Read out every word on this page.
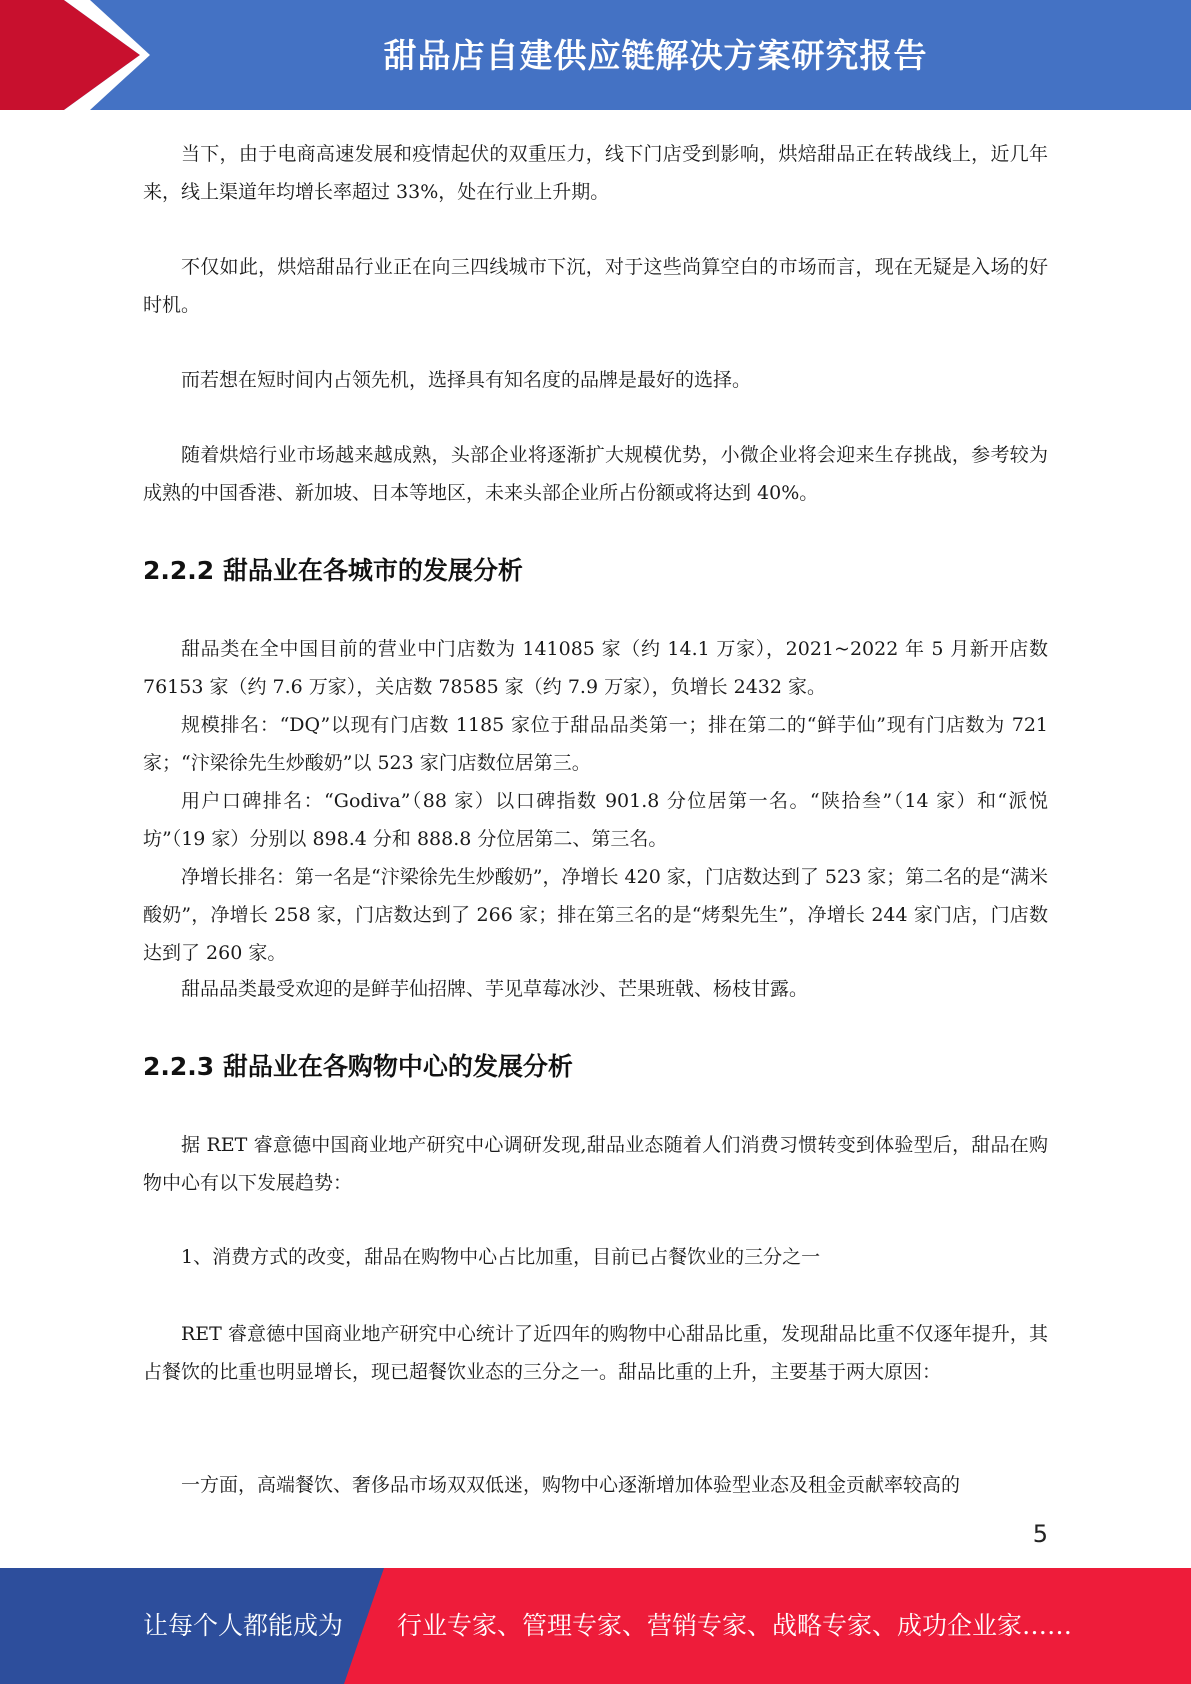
甜品店自建供应链解决方案研究报告

当下，由于电商高速发展和疫情起伏的双重压力，线下门店受到影响，烘焙甜品正在转战线上，近几年来，线上渠道年均增长率超过 33%，处在行业上升期。

不仅如此，烘焙甜品行业正在向三四线城市下沉，对于这些尚算空白的市场而言，现在无疑是入场的好时机。

而若想在短时间内占领先机，选择具有知名度的品牌是最好的选择。

随着烘焙行业市场越来越成熟，头部企业将逐渐扩大规模优势，小微企业将会迎来生存挑战，参考较为成熟的中国香港、新加坡、日本等地区，未来头部企业所占份额或将达到 40%。

2.2.2 甜品业在各城市的发展分析

甜品类在全中国目前的营业中门店数为 141085 家（约 14.1 万家），2021~2022 年 5 月新开店数 76153 家（约 7.6 万家），关店数 78585 家（约 7.9 万家），负增长 2432 家。

规模排名：“DQ”以现有门店数 1185 家位于甜品品类第一；排在第二的“鲜芋仙”现有门店数为 721 家；“汴梁徐先生炒酸奶”以 523 家门店数位居第三。

用户口碑排名：“Godiva”（88 家）以口碑指数 901.8 分位居第一名。“陕拾叁”（14 家）和“派悦坊”（19 家）分别以 898.4 分和 888.8 分位居第二、第三名。

净增长排名：第一名是“汴梁徐先生炒酸奶”，净增长 420 家，门店数达到了 523 家；第二名的是“满米酸奶”，净增长 258 家，门店数达到了 266 家；排在第三名的是“烤梨先生”，净增长 244 家门店，门店数达到了 260 家。

甜品品类最受欢迎的是鲜芋仙招牌、芋见草莓冰沙、芒果班戟、杨枝甘露。

2.2.3 甜品业在各购物中心的发展分析

据 RET 睿意德中国商业地产研究中心调研发现,甜品业态随着人们消费习惯转变到体验型后，甜品在购物中心有以下发展趋势：

1、消费方式的改变，甜品在购物中心占比加重，目前已占餐饮业的三分之一

RET 睿意德中国商业地产研究中心统计了近四年的购物中心甜品比重，发现甜品比重不仅逐年提升，其占餐饮的比重也明显增长，现已超餐饮业态的三分之一。甜品比重的上升，主要基于两大原因：

一方面，高端餐饮、奢侈品市场双双低迷，购物中心逐渐增加体验型业态及租金贡献率较高的

5
让每个人都能成为 行业专家、管理专家、营销专家、战略专家、成功企业家……
